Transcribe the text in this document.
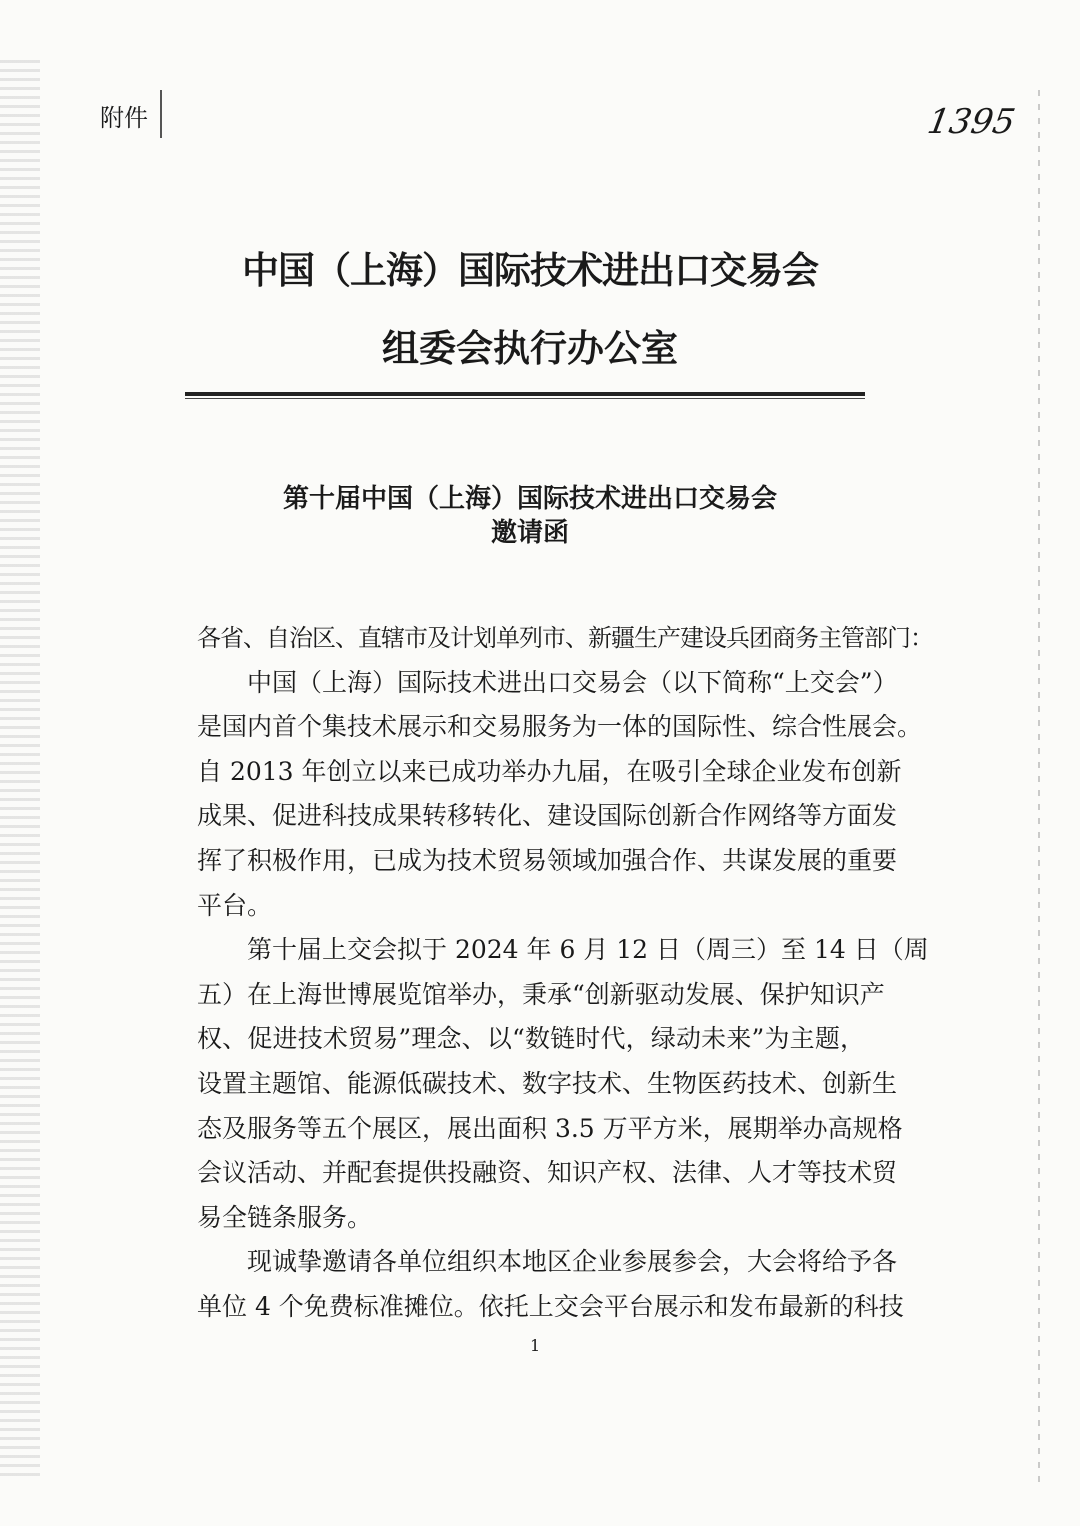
附件	1395
中国（上海）国际技术进出口交易会
组委会执行办公室
第十届中国（上海）国际技术进出口交易会
邀请函
各省、自治区、直辖市及计划单列市、新疆生产建设兵团商务主管部门：
中国（上海）国际技术进出口交易会（以下简称“上交会”）
是国内首个集技术展示和交易服务为一体的国际性、综合性展会。
自 2013 年创立以来已成功举办九届，在吸引全球企业发布创新
成果、促进科技成果转移转化、建设国际创新合作网络等方面发
挥了积极作用，已成为技术贸易领域加强合作、共谋发展的重要
平台。
第十届上交会拟于 2024 年 6 月 12 日（周三）至 14 日（周
五）在上海世博展览馆举办，秉承“创新驱动发展、保护知识产
权、促进技术贸易”理念、以“数链时代，绿动未来”为主题，
设置主题馆、能源低碳技术、数字技术、生物医药技术、创新生
态及服务等五个展区，展出面积 3.5 万平方米，展期举办高规格
会议活动、并配套提供投融资、知识产权、法律、人才等技术贸
易全链条服务。
现诚挚邀请各单位组织本地区企业参展参会，大会将给予各
单位 4 个免费标准摊位。依托上交会平台展示和发布最新的科技
1
